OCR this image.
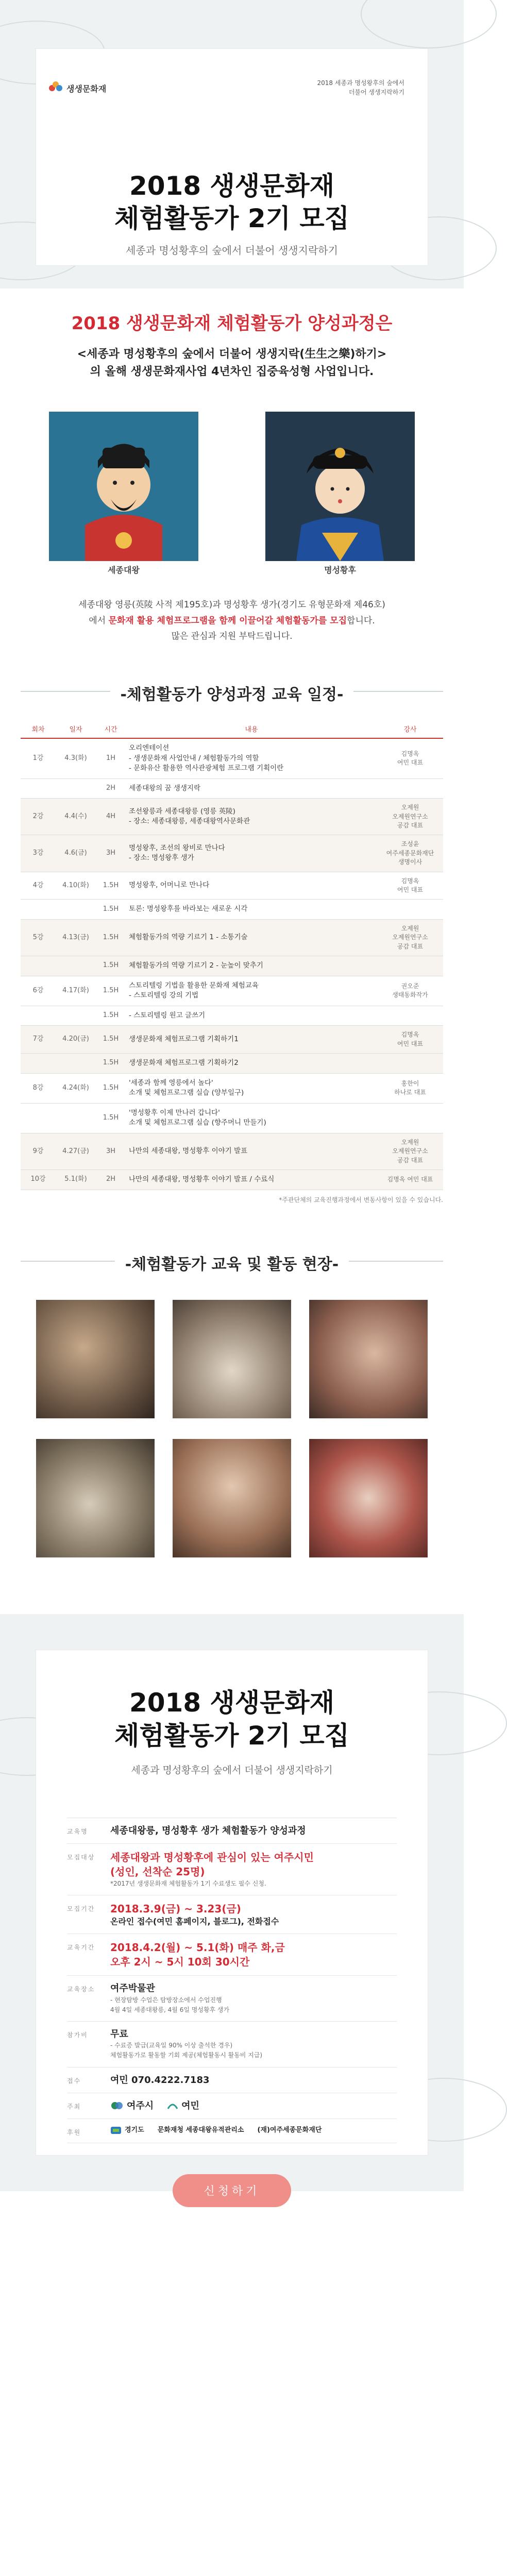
생생문화재
2018 세종과 명성왕후의 숲에서
더불어 생생지락하기
2018 생생문화재
체험활동가 2기 모집
세종과 명성황후의 숲에서 더불어 생생지락하기
2018 생생문화재 체험활동가 양성과정은
<세종과 명성황후의 숲에서 더불어 생생지락(生生之樂)하기>
의 올해 생생문화재사업 4년차인 집중육성형 사업입니다.
세종대왕	명성황후
세종대왕 영릉(英陵 사적 제195호)과 명성황후 생가(경기도 유형문화재 제46호)
에서 문화재 활용 체험프로그램을 함께 이끌어갈 체험활동가를 모집합니다.
많은 관심과 지원 부탁드립니다.
-체험활동가 양성과정 교육 일정-
회차	일자	시간	내용	강사
1강	4.3(화)	1H	오리엔테이션
- 생생문화재 사업안내 / 체험활동가의 역할
- 문화유산 활용한 역사관광체험 프로그램 기획이란	김명옥
여민 대표
		2H	세종대왕의 꿈 생생지락	
2강	4.4(수)	4H	조선왕릉과 세종대왕릉 (영릉 英陵)
- 장소: 세종대왕릉, 세종대왕역사문화관	오제원
오제원연구소
공감 대표
3강	4.6(금)	3H	명성왕후, 조선의 왕비로 만나다
- 장소: 명성왕후 생가	조성윤
여주세종문화재단
생명이사
4강	4.10(화)	1.5H	명성왕후, 어머니로 만나다	김명옥
여민 대표
		1.5H	토론: 명성왕후를 바라보는 새로운 시각	
5강	4.13(금)	1.5H	체험활동가의 역량 기르기 1 - 소통기술	오제원
오제원연구소
공감 대표
		1.5H	체험활동가의 역량 기르기 2 - 눈높이 맞추기	
6강	4.17(화)	1.5H	스토리텔링 기법을 활용한 문화재 체험교육
- 스토리텔링 강의 기법	권오준
생태동화작가
		1.5H	- 스토리텔링 원고 글쓰기	
7강	4.20(금)	1.5H	생생문화재 체험프로그램 기획하기1	김명옥
여민 대표
		1.5H	생생문화재 체험프로그램 기획하기2	
8강	4.24(화)	1.5H	'세종과 함께 영릉에서 놀다'
소개 및 체험프로그램 실습 (양부일구)	홍한이
하나로 대표
		1.5H	'명성황후 이제 만나러 갑니다'
소개 및 체험프로그램 실습 (향주머니 만들기)	
9강	4.27(금)	3H	나만의 세종대왕, 명성황후 이야기 발표	오제원
오제원연구소
공감 대표
10강	5.1(화)	2H	나만의 세종대왕, 명성황후 이야기 발표 / 수료식	김명옥 여민 대표
*주관단체의 교육진행과정에서 변동사항이 있을 수 있습니다.
-체험활동가 교육 및 활동 현장-
2018 생생문화재
체험활동가 2기 모집
세종과 명성황후의 숲에서 더불어 생생지락하기
교육명	세종대왕릉, 명성황후 생가 체험활동가 양성과정
모집대상	세종대왕과 명성황후에 관심이 있는 여주시민
(성인, 선착순 25명)
*2017년 생생문화재 체험활동가 1기 수료생도 필수 신청.
모집기간	2018.3.9(금) ~ 3.23(금)
온라인 접수(여민 홈페이지, 블로그), 전화접수
교육기간	2018.4.2(월) ~ 5.1(화) 매주 화,금
오후 2시 ~ 5시 10회 30시간
교육장소	여주박물관
- 현장탐방 수업은 탐방장소에서 수업진행
4월 4일 세종대왕릉, 4월 6일 명성황후 생가
참가비	무료
- 수료증 발급(교육일 90% 이상 출석한 경우)
체험활동가로 활동할 기회 제공(체험활동시 활동비 지급)
접수	여민 070.4222.7183
주최	여주시	여민
후원	경기도 문화재청 세종대왕유적관리소 (재)여주세종문화재단
신청하기
